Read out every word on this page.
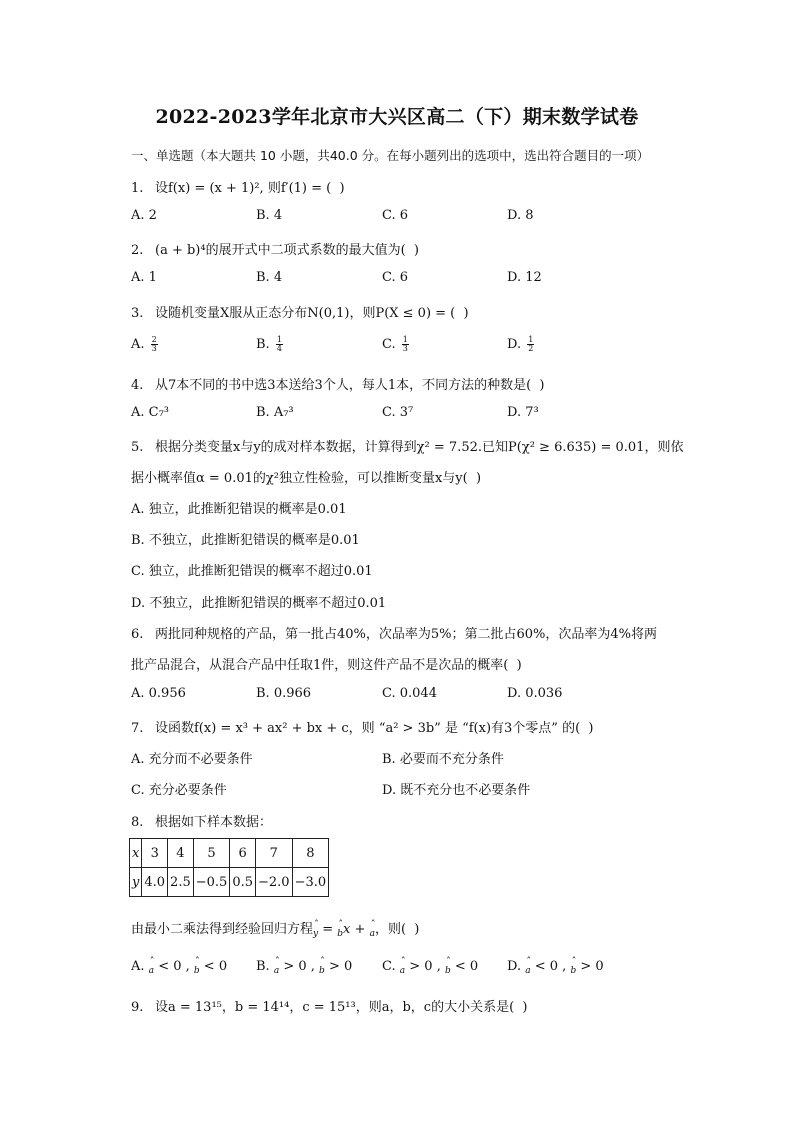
2022-2023学年北京市大兴区高二（下）期末数学试卷
一、单选题（本大题共 10 小题，共40.0 分。在每小题列出的选项中，选出符合题目的一项）
1. 设f(x) = (x + 1)², 则f′(1) = (  )
A. 2	B. 4	C. 6	D. 8
2. (a + b)⁴的展开式中二项式系数的最大值为(  )
A. 1	B. 4	C. 6	D. 12
3. 设随机变量X服从正态分布N(0,1)，则P(X ≤ 0) = (  )
A. $\frac{2}{3}$	B. $\frac{1}{4}$	C. $\frac{1}{3}$	D. $\frac{1}{2}$
4. 从7本不同的书中选3本送给3个人，每人1本，不同方法的种数是(  )
A. C₇³	B. A₇³	C. 3⁷	D. 7³
5. 根据分类变量x与y的成对样本数据，计算得到χ² = 7.52.已知P(χ² ≥ 6.635) = 0.01，则依
据小概率值α = 0.01的χ²独立性检验，可以推断变量x与y(  )
A. 独立，此推断犯错误的概率是0.01
B. 不独立，此推断犯错误的概率是0.01
C. 独立，此推断犯错误的概率不超过0.01
D. 不独立，此推断犯错误的概率不超过0.01
6. 两批同种规格的产品，第一批占40%，次品率为5%；第二批占60%，次品率为4%将两
批产品混合，从混合产品中任取1件，则这件产品不是次品的概率(  )
A. 0.956	B. 0.966	C. 0.044	D. 0.036
7. 设函数f(x) = x³ + ax² + bx + c，则 “a² > 3b” 是 “f(x)有3个零点” 的(  )
A. 充分而不必要条件	B. 必要而不充分条件
C. 充分必要条件	D. 既不充分也不必要条件
8. 根据如下样本数据：
x	3	4	5	6	7	8
y	4.0	2.5	−0.5	0.5	−2.0	−3.0
由最小二乘法得到经验回归方程ˆ y = ˆ bx + ˆ a，则(  )
A. ˆ a < 0 , ˆ b < 0 B. ˆ a > 0 , ˆ b > 0 C. ˆ a > 0 , ˆ b < 0 D. ˆ a < 0 , ˆ b > 0
9. 设a = 13¹⁵，b = 14¹⁴，c = 15¹³，则a，b，c的大小关系是(  )
